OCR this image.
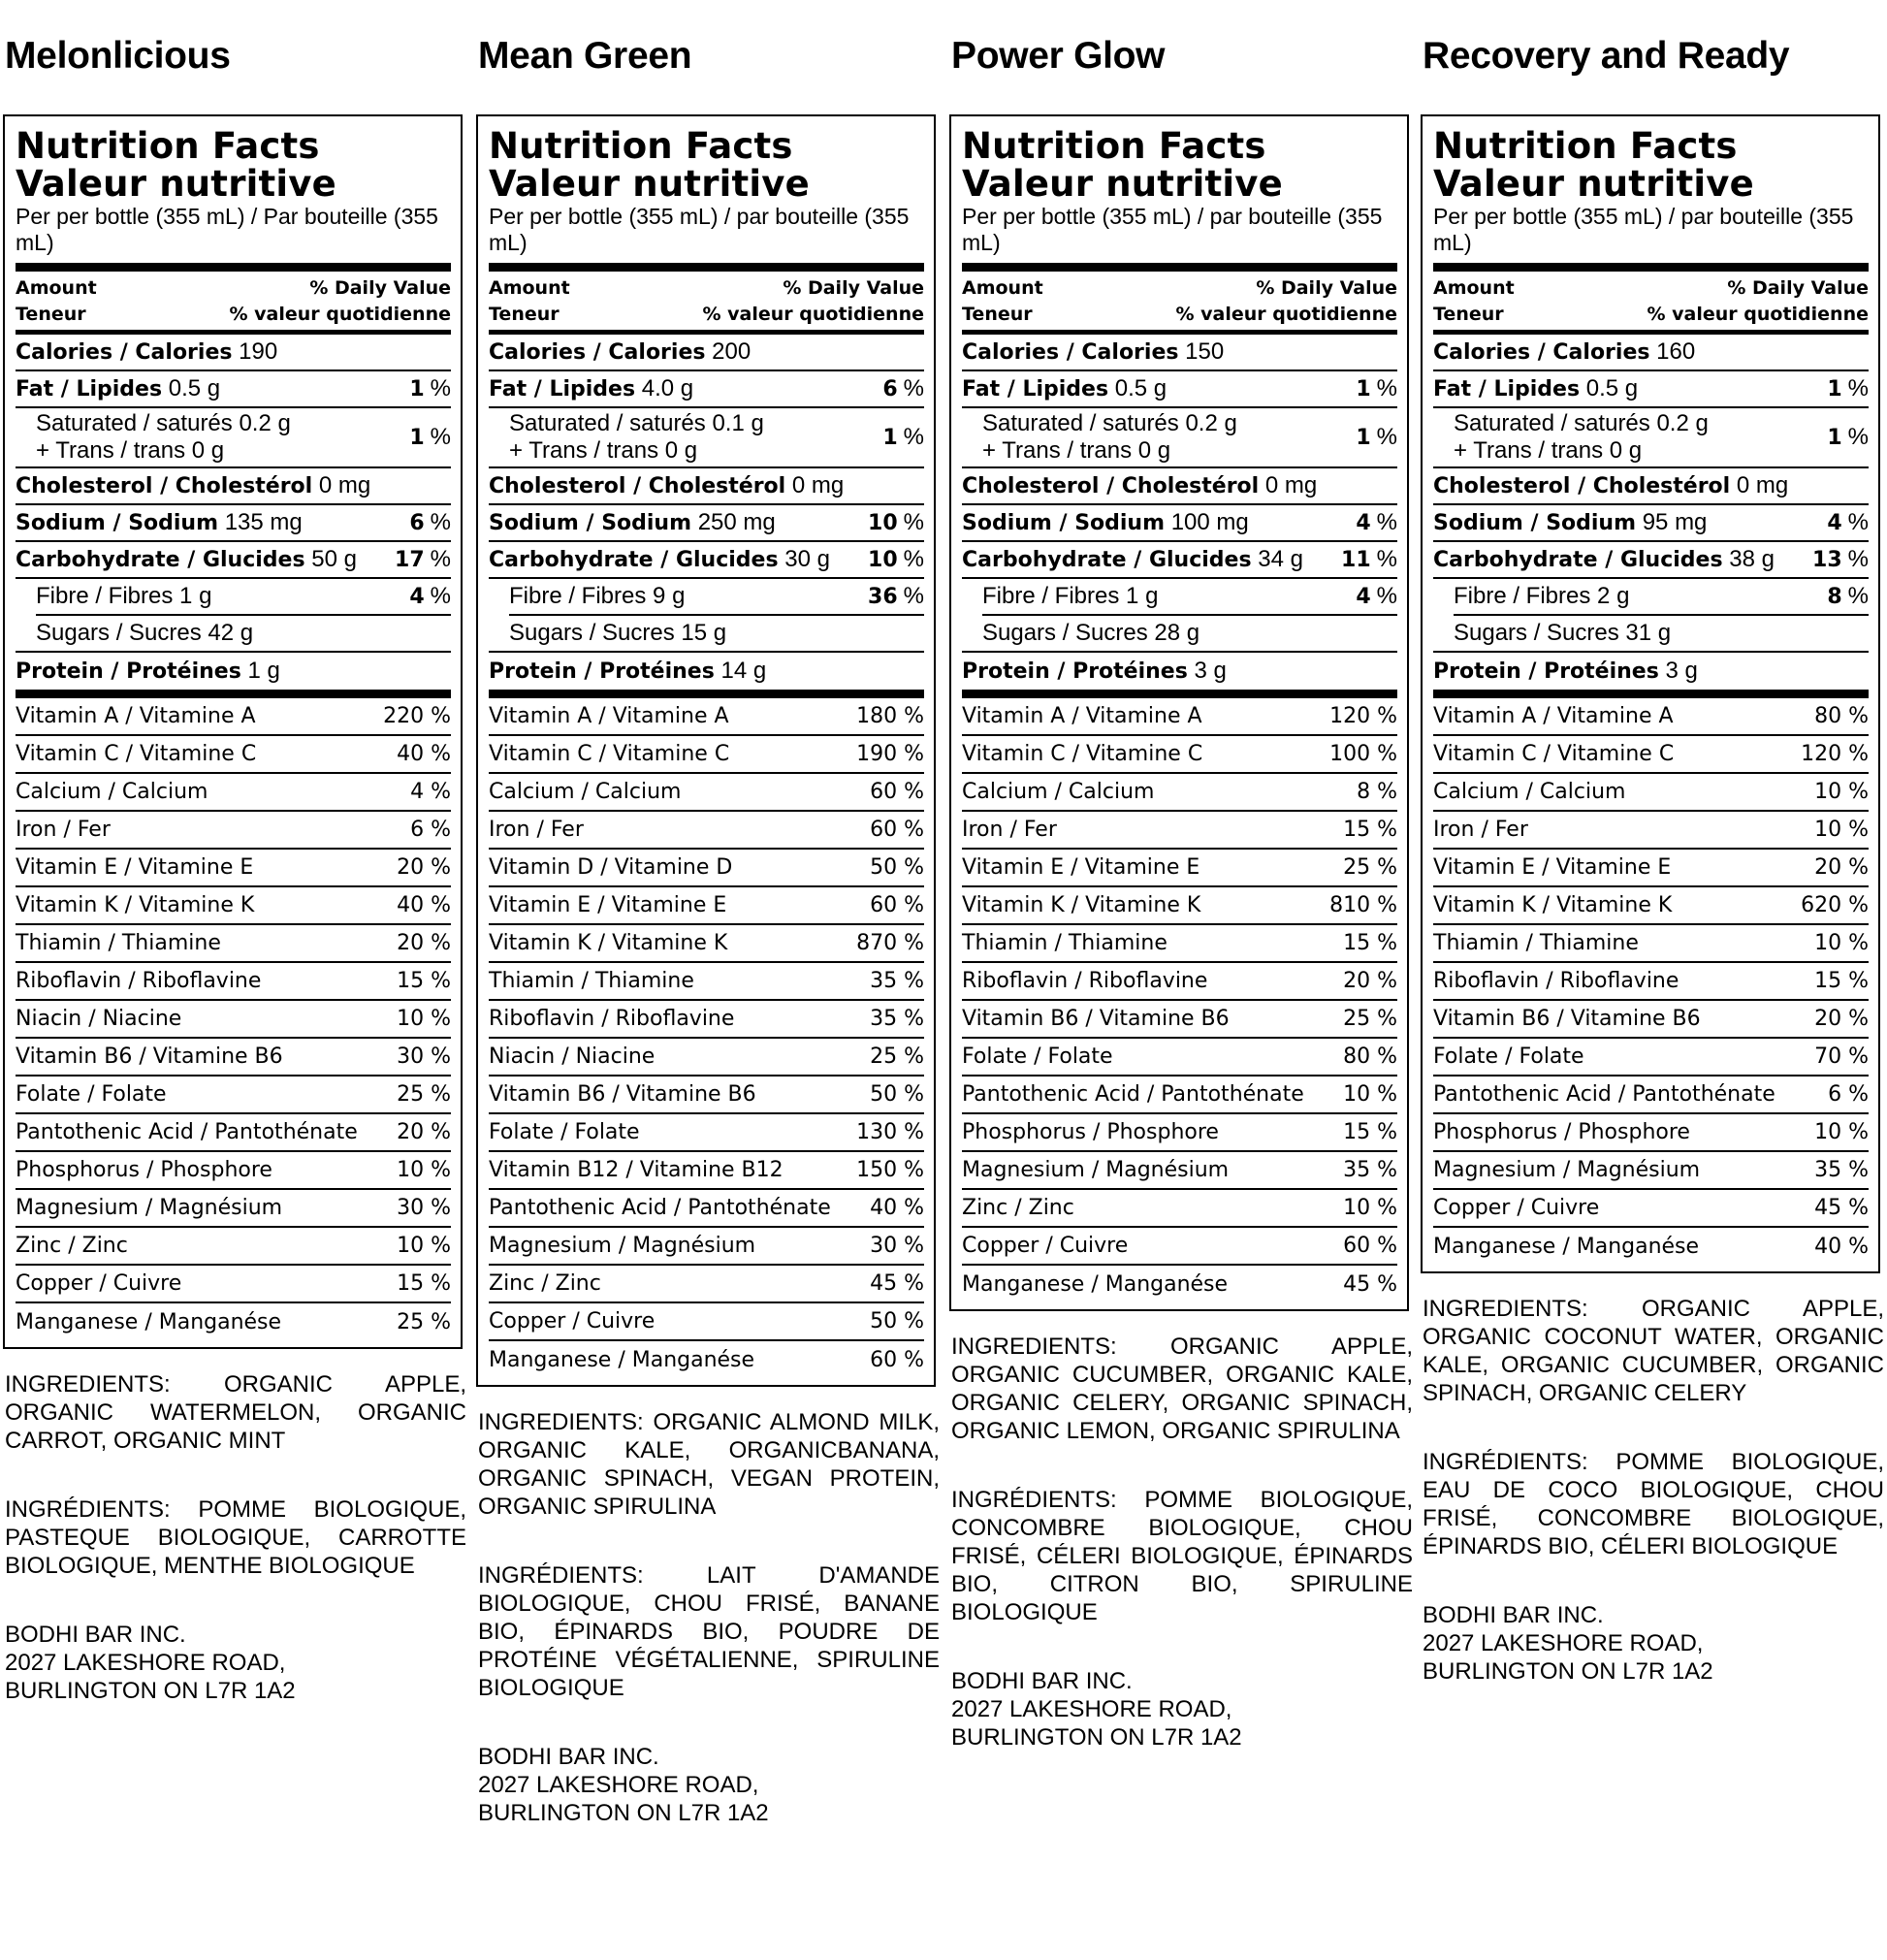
Melonlicious
Nutrition Facts
Valeur nutritive
Per per bottle (355 mL) / Par bouteille (355 mL)
Amount	% Daily Value
Teneur	% valeur quotidienne
Calories / Calories 190
Fat / Lipides 0.5 g	1 %
Saturated / saturés 0.2 g
+ Trans / trans 0 g	1 %
Cholesterol / Cholestérol 0 mg
Sodium / Sodium 135 mg	6 %
Carbohydrate / Glucides 50 g 17 %
Fibre / Fibres 1 g	4 %
Sugars / Sucres 42 g
Protein / Protéines 1 g
Vitamin A / Vitamine A	220 %
Vitamin C / Vitamine C	40 %
Calcium / Calcium	4 %
Iron / Fer	6 %
Vitamin E / Vitamine E	20 %
Vitamin K / Vitamine K	40 %
Thiamin / Thiamine	20 %
Riboflavin / Riboflavine	15 %
Niacin / Niacine	10 %
Vitamin B6 / Vitamine B6	30 %
Folate / Folate	25 %
Pantothenic Acid / Pantothénate 20 %
Phosphorus / Phosphore	10 %
Magnesium / Magnésium	30 %
Zinc / Zinc	10 %
Copper / Cuivre	15 %
Manganese / Manganése	25 %
INGREDIENTS: ORGANIC APPLE, ORGANIC WATERMELON, ORGANIC CARROT, ORGANIC MINT
INGRÉDIENTS: POMME BIOLOGIQUE, PASTEQUE BIOLOGIQUE, CARROTTE BIOLOGIQUE, MENTHE BIOLOGIQUE
BODHI BAR INC.
2027 LAKESHORE ROAD,
BURLINGTON ON L7R 1A2
Mean Green
Nutrition Facts
Valeur nutritive
Per per bottle (355 mL) / par bouteille (355 mL)
Amount	% Daily Value
Teneur	% valeur quotidienne
Calories / Calories 200
Fat / Lipides 4.0 g	6 %
Saturated / saturés 0.1 g
+ Trans / trans 0 g	1 %
Cholesterol / Cholestérol 0 mg
Sodium / Sodium 250 mg	10 %
Carbohydrate / Glucides 30 g 10 %
Fibre / Fibres 9 g	36 %
Sugars / Sucres 15 g
Protein / Protéines 14 g
Vitamin A / Vitamine A	180 %
Vitamin C / Vitamine C	190 %
Calcium / Calcium	60 %
Iron / Fer	60 %
Vitamin D / Vitamine D	50 %
Vitamin E / Vitamine E	60 %
Vitamin K / Vitamine K	870 %
Thiamin / Thiamine	35 %
Riboflavin / Riboflavine	35 %
Niacin / Niacine	25 %
Vitamin B6 / Vitamine B6	50 %
Folate / Folate	130 %
Vitamin B12 / Vitamine B12	150 %
Pantothenic Acid / Pantothénate 40 %
Magnesium / Magnésium	30 %
Zinc / Zinc	45 %
Copper / Cuivre	50 %
Manganese / Manganése	60 %
INGREDIENTS: ORGANIC ALMOND MILK, ORGANIC KALE, ORGANICBANANA, ORGANIC SPINACH, VEGAN PROTEIN, ORGANIC SPIRULINA
INGRÉDIENTS: LAIT D'AMANDE BIOLOGIQUE, CHOU FRISÉ, BANANE BIO, ÉPINARDS BIO, POUDRE DE PROTÉINE VÉGÉTALIENNE, SPIRULINE BIOLOGIQUE
BODHI BAR INC.
2027 LAKESHORE ROAD,
BURLINGTON ON L7R 1A2
Power Glow
Nutrition Facts
Valeur nutritive
Per per bottle (355 mL) / par bouteille (355 mL)
Amount	% Daily Value
Teneur	% valeur quotidienne
Calories / Calories 150
Fat / Lipides 0.5 g	1 %
Saturated / saturés 0.2 g
+ Trans / trans 0 g	1 %
Cholesterol / Cholestérol 0 mg
Sodium / Sodium 100 mg	4 %
Carbohydrate / Glucides 34 g 11 %
Fibre / Fibres 1 g	4 %
Sugars / Sucres 28 g
Protein / Protéines 3 g
Vitamin A / Vitamine A	120 %
Vitamin C / Vitamine C	100 %
Calcium / Calcium	8 %
Iron / Fer	15 %
Vitamin E / Vitamine E	25 %
Vitamin K / Vitamine K	810 %
Thiamin / Thiamine	15 %
Riboflavin / Riboflavine	20 %
Vitamin B6 / Vitamine B6	25 %
Folate / Folate	80 %
Pantothenic Acid / Pantothénate 10 %
Phosphorus / Phosphore	15 %
Magnesium / Magnésium	35 %
Zinc / Zinc	10 %
Copper / Cuivre	60 %
Manganese / Manganése	45 %
INGREDIENTS: ORGANIC APPLE, ORGANIC CUCUMBER, ORGANIC KALE, ORGANIC CELERY, ORGANIC SPINACH, ORGANIC LEMON, ORGANIC SPIRULINA
INGRÉDIENTS: POMME BIOLOGIQUE, CONCOMBRE BIOLOGIQUE, CHOU FRISÉ, CÉLERI BIOLOGIQUE, ÉPINARDS BIO, CITRON BIO, SPIRULINE BIOLOGIQUE
BODHI BAR INC.
2027 LAKESHORE ROAD,
BURLINGTON ON L7R 1A2
Recovery and Ready
Nutrition Facts
Valeur nutritive
Per per bottle (355 mL) / par bouteille (355 mL)
Amount	% Daily Value
Teneur	% valeur quotidienne
Calories / Calories 160
Fat / Lipides 0.5 g	1 %
Saturated / saturés 0.2 g
+ Trans / trans 0 g	1 %
Cholesterol / Cholestérol 0 mg
Sodium / Sodium 95 mg	4 %
Carbohydrate / Glucides 38 g 13 %
Fibre / Fibres 2 g	8 %
Sugars / Sucres 31 g
Protein / Protéines 3 g
Vitamin A / Vitamine A	80 %
Vitamin C / Vitamine C	120 %
Calcium / Calcium	10 %
Iron / Fer	10 %
Vitamin E / Vitamine E	20 %
Vitamin K / Vitamine K	620 %
Thiamin / Thiamine	10 %
Riboflavin / Riboflavine	15 %
Vitamin B6 / Vitamine B6	20 %
Folate / Folate	70 %
Pantothenic Acid / Pantothénate 6 %
Phosphorus / Phosphore	10 %
Magnesium / Magnésium	35 %
Copper / Cuivre	45 %
Manganese / Manganése	40 %
INGREDIENTS: ORGANIC APPLE, ORGANIC COCONUT WATER, ORGANIC KALE, ORGANIC CUCUMBER, ORGANIC SPINACH, ORGANIC CELERY
INGRÉDIENTS: POMME BIOLOGIQUE, EAU DE COCO BIOLOGIQUE, CHOU FRISÉ, CONCOMBRE BIOLOGIQUE, ÉPINARDS BIO, CÉLERI BIOLOGIQUE
BODHI BAR INC.
2027 LAKESHORE ROAD,
BURLINGTON ON L7R 1A2
